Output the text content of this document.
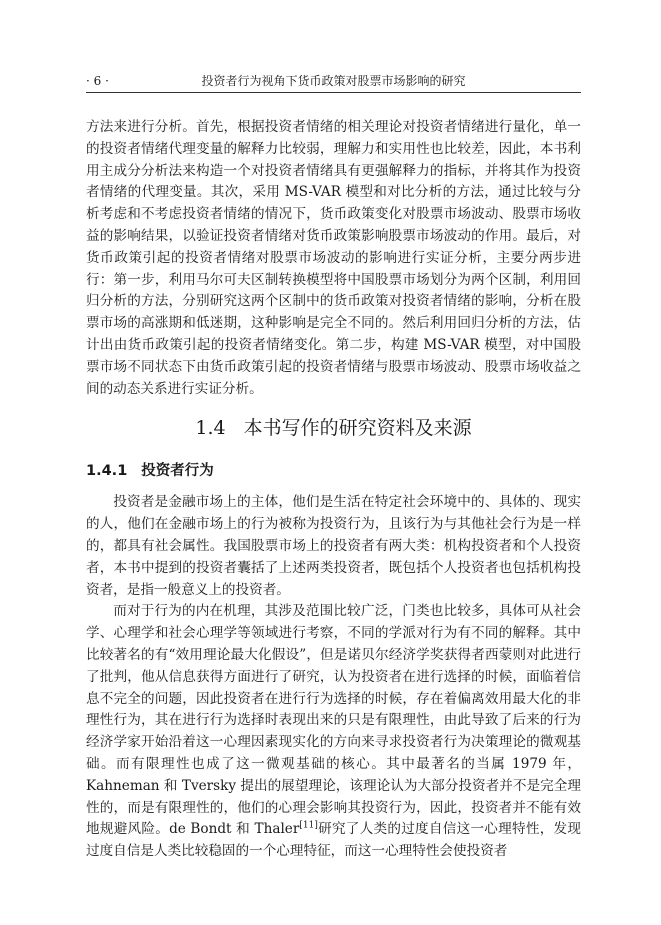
· 6 ·	投资者行为视角下货币政策对股票市场影响的研究

方法来进行分析。首先，根据投资者情绪的相关理论对投资者情绪进行量化，单一的投资者情绪代理变量的解释力比较弱，理解力和实用性也比较差，因此，本书利用主成分分析法来构造一个对投资者情绪具有更强解释力的指标，并将其作为投资者情绪的代理变量。其次，采用 MS-VAR 模型和对比分析的方法，通过比较与分析考虑和不考虑投资者情绪的情况下，货币政策变化对股票市场波动、股票市场收益的影响结果，以验证投资者情绪对货币政策影响股票市场波动的作用。最后，对货币政策引起的投资者情绪对股票市场波动的影响进行实证分析，主要分两步进行：第一步，利用马尔可夫区制转换模型将中国股票市场划分为两个区制，利用回归分析的方法，分别研究这两个区制中的货币政策对投资者情绪的影响，分析在股票市场的高涨期和低迷期，这种影响是完全不同的。然后利用回归分析的方法，估计出由货币政策引起的投资者情绪变化。第二步，构建 MS-VAR 模型，对中国股票市场不同状态下由货币政策引起的投资者情绪与股票市场波动、股票市场收益之间的动态关系进行实证分析。

1.4 本书写作的研究资料及来源
1.4.1 投资者行为

投资者是金融市场上的主体，他们是生活在特定社会环境中的、具体的、现实的人，他们在金融市场上的行为被称为投资行为，且该行为与其他社会行为是一样的，都具有社会属性。我国股票市场上的投资者有两大类：机构投资者和个人投资者，本书中提到的投资者囊括了上述两类投资者，既包括个人投资者也包括机构投资者，是指一般意义上的投资者。

而对于行为的内在机理，其涉及范围比较广泛，门类也比较多，具体可从社会学、心理学和社会心理学等领域进行考察，不同的学派对行为有不同的解释。其中比较著名的有“效用理论最大化假设”，但是诺贝尔经济学奖获得者西蒙则对此进行了批判，他从信息获得方面进行了研究，认为投资者在进行选择的时候，面临着信息不完全的问题，因此投资者在进行行为选择的时候，存在着偏离效用最大化的非理性行为，其在进行行为选择时表现出来的只是有限理性，由此导致了后来的行为经济学家开始沿着这一心理因素现实化的方向来寻求投资者行为决策理论的微观基础。而有限理性也成了这一微观基础的核心。其中最著名的当属 1979 年，Kahneman 和 Tversky 提出的展望理论，该理论认为大部分投资者并不是完全理性的，而是有限理性的，他们的心理会影响其投资行为，因此，投资者并不能有效地规避风险。de Bondt 和 Thaler[11]研究了人类的过度自信这一心理特性，发现过度自信是人类比较稳固的一个心理特征，而这一心理特性会使投资者
